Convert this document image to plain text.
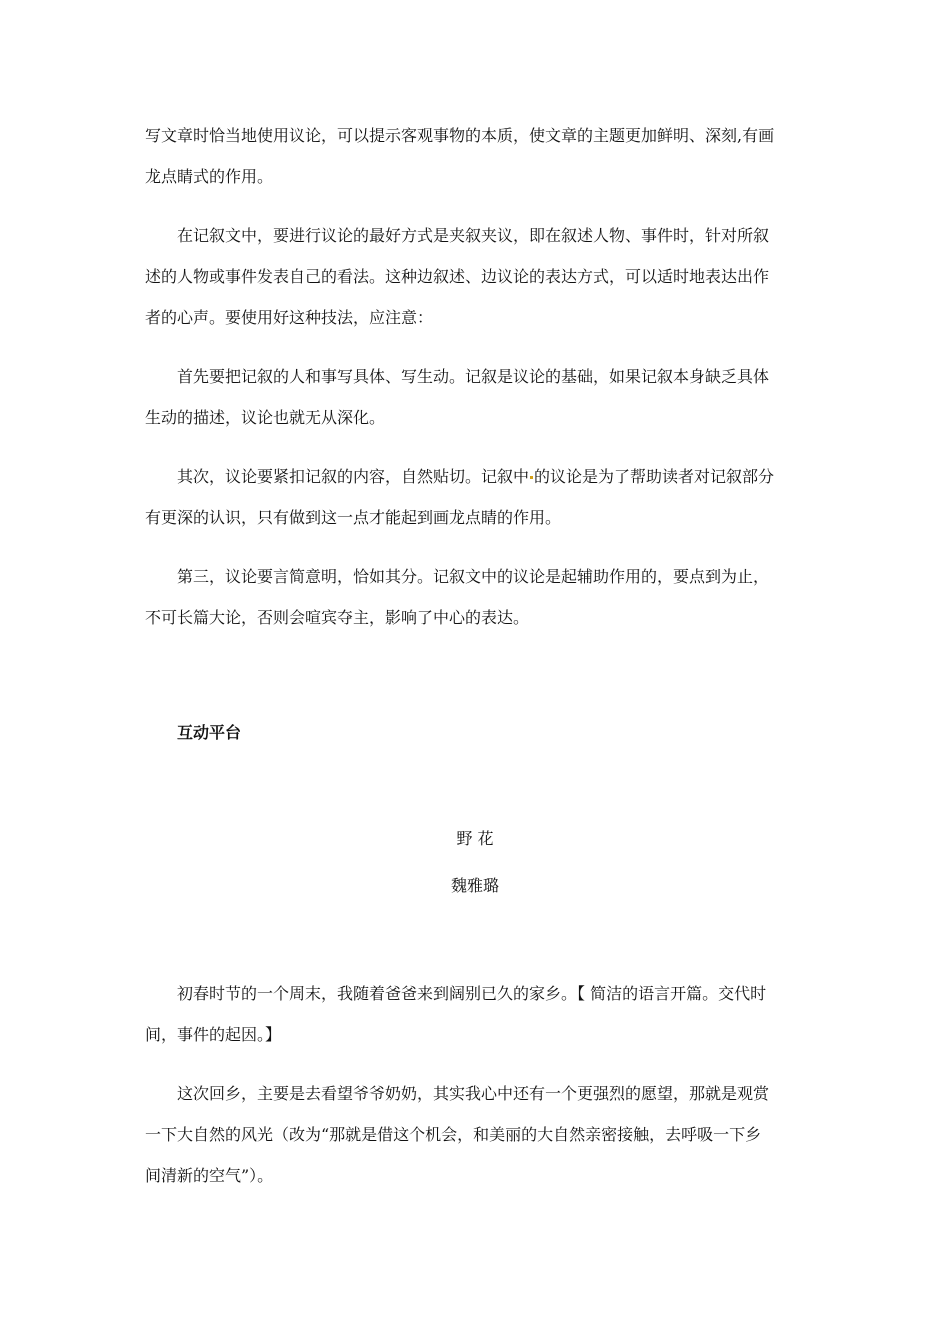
写文章时恰当地使用议论，可以提示客观事物的本质，使文章的主题更加鲜明、深刻,有画
龙点睛式的作用。
在记叙文中，要进行议论的最好方式是夹叙夹议，即在叙述人物、事件时，针对所叙
述的人物或事件发表自己的看法。这种边叙述、边议论的表达方式，可以适时地表达出作
者的心声。要使用好这种技法，应注意：
首先要把记叙的人和事写具体、写生动。记叙是议论的基础，如果记叙本身缺乏具体
生动的描述，议论也就无从深化。
其次，议论要紧扣记叙的内容，自然贴切。记叙中 的议论是为了帮助读者对记叙部分
有更深的认识，只有做到这一点才能起到画龙点睛的作用。
第三，议论要言简意明，恰如其分。记叙文中的议论是起辅助作用的，要点到为止，
不可长篇大论，否则会喧宾夺主，影响了中心的表达。
互动平台
野 花
魏雅璐
初春时节的一个周末，我随着爸爸来到阔别已久的家乡。【 简洁的语言开篇。交代时
间，事件的起因。】
这次回乡，主要是去看望爷爷奶奶，其实我心中还有一个更强烈的愿望，那就是观赏
一下大自然的风光（改为“那就是借这个机会，和美丽的大自然亲密接触，去呼吸一下乡
间清新的空气”）。
